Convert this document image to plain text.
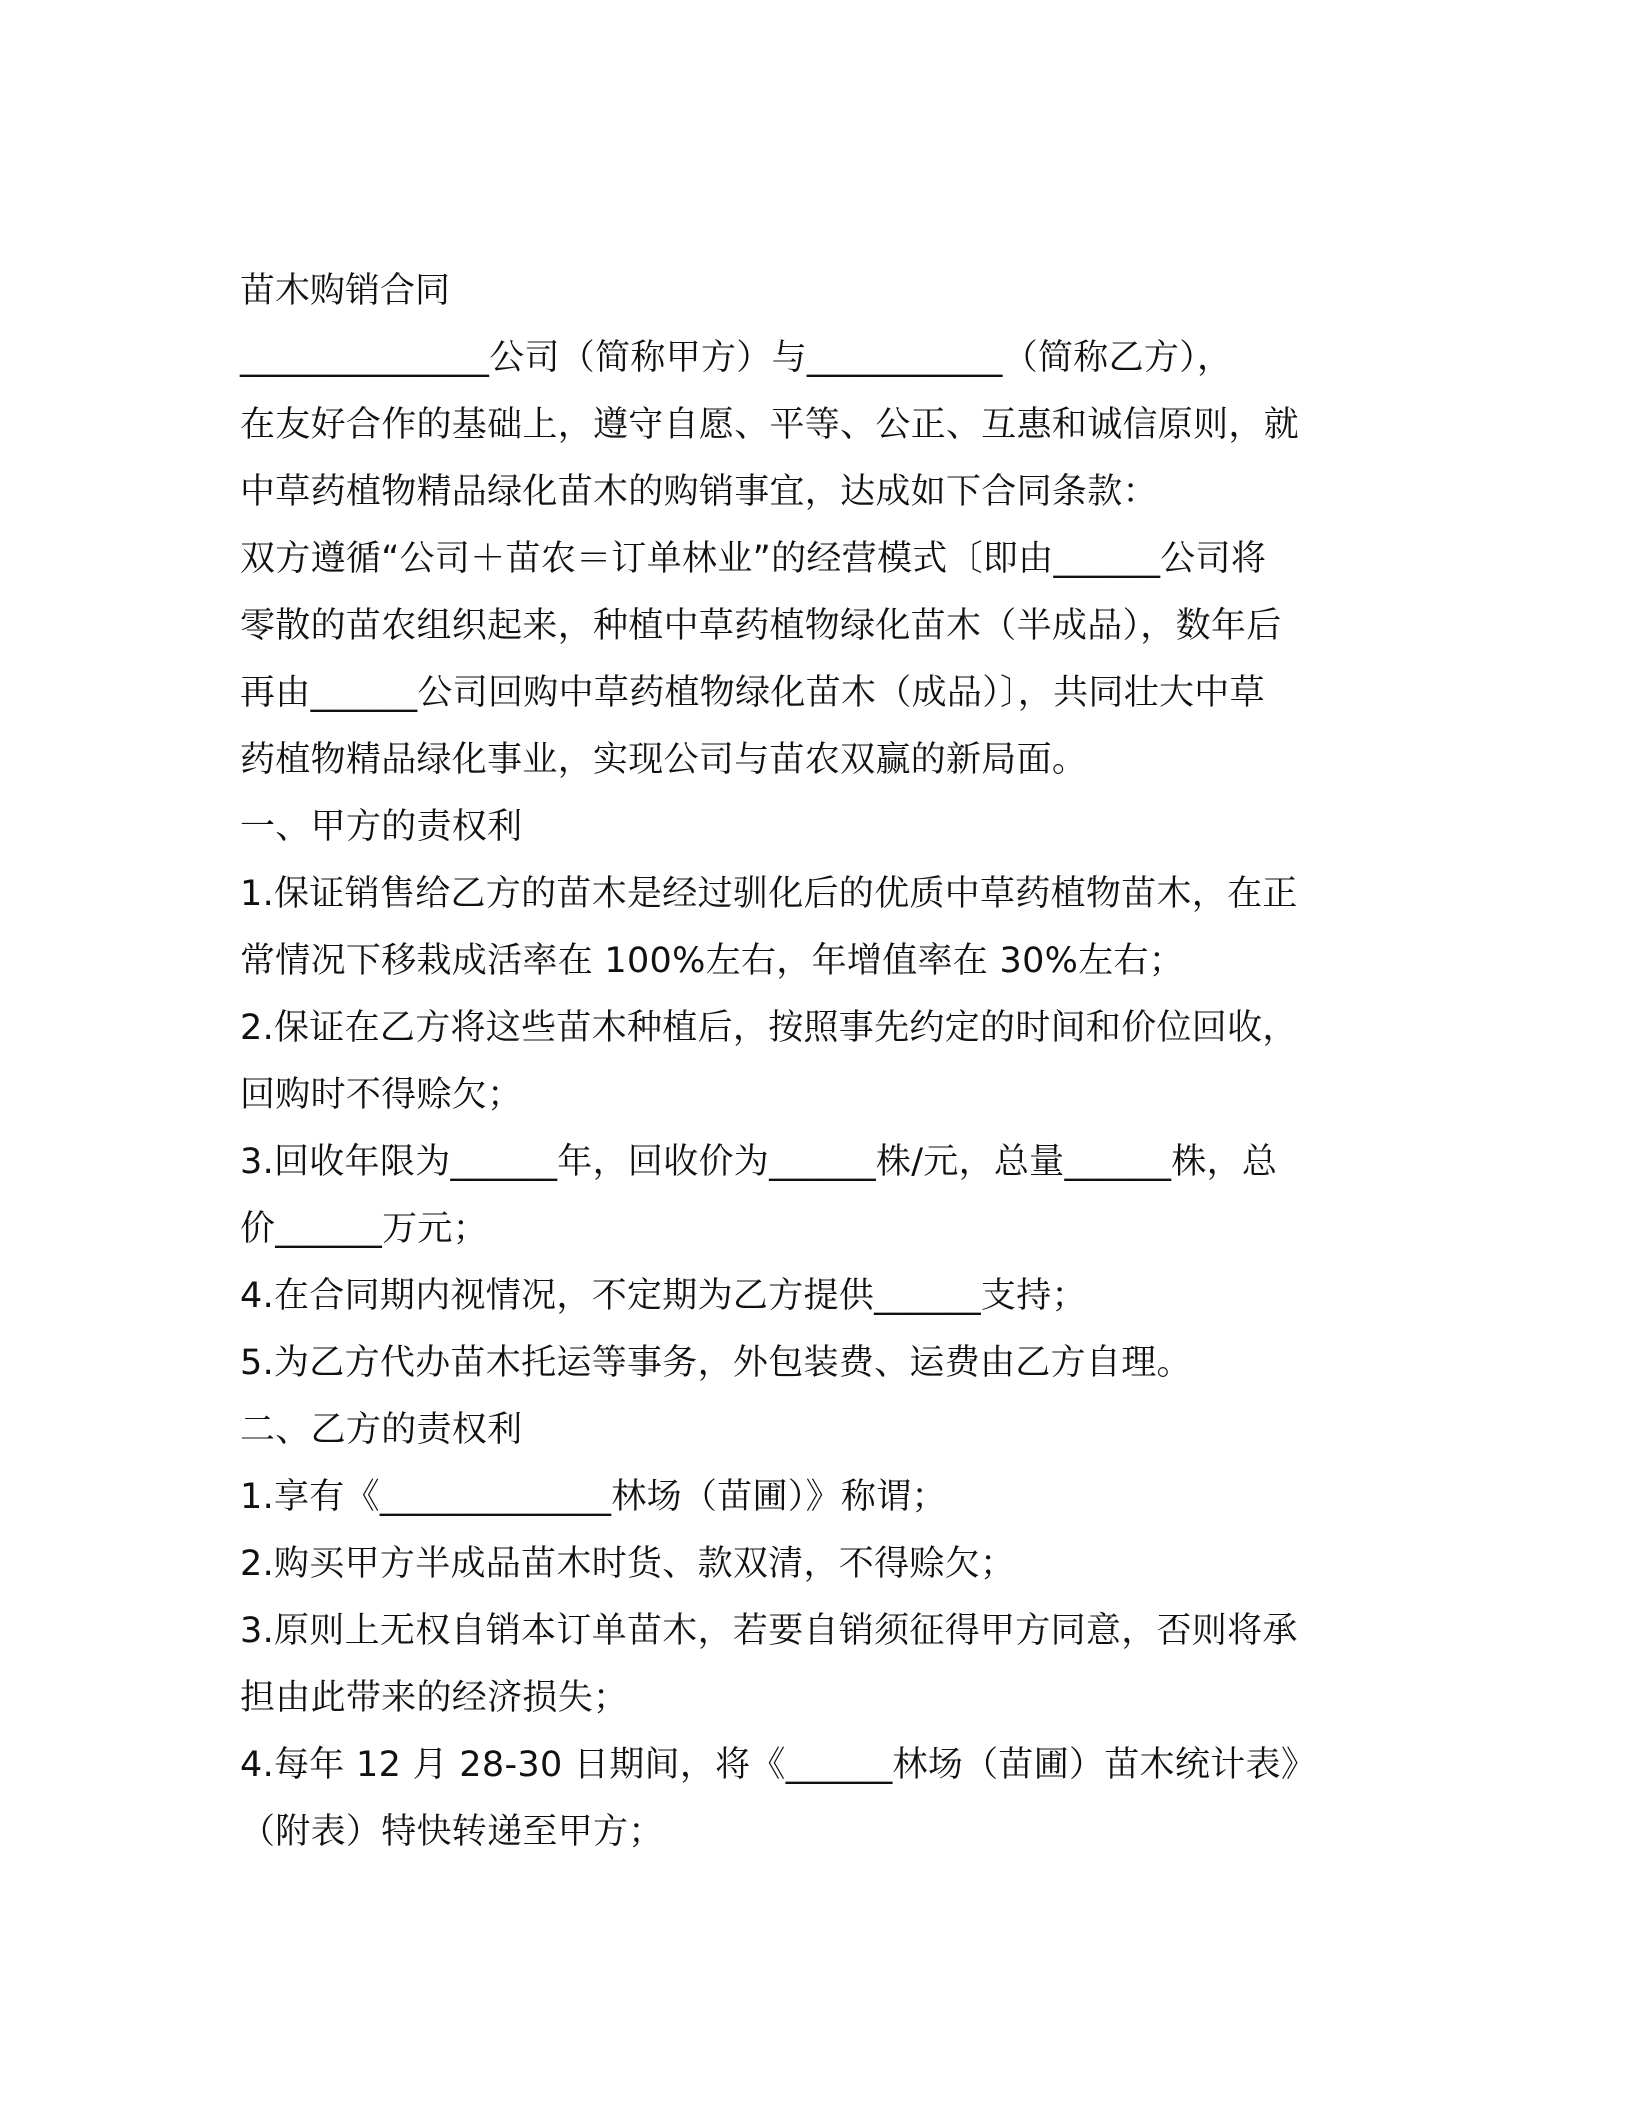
苗木购销合同
______________公司（简称甲方）与___________（简称乙方），
在友好合作的基础上，遵守自愿、平等、公正、互惠和诚信原则，就
中草药植物精品绿化苗木的购销事宜，达成如下合同条款：
双方遵循“公司＋苗农＝订单林业”的经营模式〔即由______公司将
零散的苗农组织起来，种植中草药植物绿化苗木（半成品），数年后
再由______公司回购中草药植物绿化苗木（成品）〕，共同壮大中草
药植物精品绿化事业，实现公司与苗农双赢的新局面。
一、甲方的责权利
1.保证销售给乙方的苗木是经过驯化后的优质中草药植物苗木，在正
常情况下移栽成活率在 100%左右，年增值率在 30%左右；
2.保证在乙方将这些苗木种植后，按照事先约定的时间和价位回收，
回购时不得赊欠；
3.回收年限为______年，回收价为______株/元，总量______株，总
价______万元；
4.在合同期内视情况，不定期为乙方提供______支持；
5.为乙方代办苗木托运等事务，外包装费、运费由乙方自理。
二、乙方的责权利
1.享有《_____________林场（苗圃）》称谓；
2.购买甲方半成品苗木时货、款双清，不得赊欠；
3.原则上无权自销本订单苗木，若要自销须征得甲方同意，否则将承
担由此带来的经济损失；
4.每年 12 月 28-30 日期间，将《______林场（苗圃）苗木统计表》
（附表）特快转递至甲方；
